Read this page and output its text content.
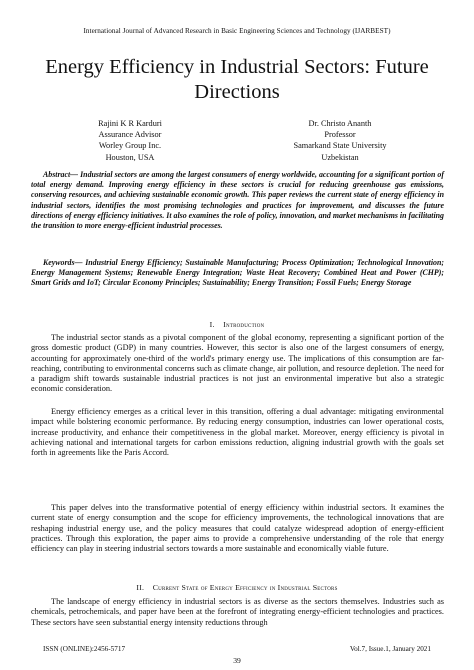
International Journal of Advanced Research in Basic Engineering Sciences and Technology (IJARBEST)
Energy Efficiency in Industrial Sectors: Future Directions
Rajini K R Karduri
Assurance Advisor
Worley Group Inc.
Houston, USA
Dr. Christo Ananth
Professor
Samarkand State University
Uzbekistan

Abstract— Industrial sectors are among the largest consumers of energy worldwide, accounting for a significant portion of total energy demand. Improving energy efficiency in these sectors is crucial for reducing greenhouse gas emissions, conserving resources, and achieving sustainable economic growth. This paper reviews the current state of energy efficiency in industrial sectors, identifies the most promising technologies and practices for improvement, and discusses the future directions of energy efficiency initiatives. It also examines the role of policy, innovation, and market mechanisms in facilitating the transition to more energy-efficient industrial processes.

Keywords— Industrial Energy Efficiency; Sustainable Manufacturing; Process Optimization; Technological Innovation; Energy Management Systems; Renewable Energy Integration; Waste Heat Recovery; Combined Heat and Power (CHP); Smart Grids and IoT; Circular Economy Principles; Sustainability; Energy Transition; Fossil Fuels; Energy Storage

I.    Introduction

The industrial sector stands as a pivotal component of the global economy, representing a significant portion of the gross domestic product (GDP) in many countries. However, this sector is also one of the largest consumers of energy, accounting for approximately one-third of the world's primary energy use. The implications of this consumption are far-reaching, contributing to environmental concerns such as climate change, air pollution, and resource depletion. The need for a paradigm shift towards sustainable industrial practices is not just an environmental imperative but also a strategic economic consideration.

Energy efficiency emerges as a critical lever in this transition, offering a dual advantage: mitigating environmental impact while bolstering economic performance. By reducing energy consumption, industries can lower operational costs, increase productivity, and enhance their competitiveness in the global market. Moreover, energy efficiency is pivotal in achieving national and international targets for carbon emissions reduction, aligning industrial growth with the goals set forth in agreements like the Paris Accord.

This paper delves into the transformative potential of energy efficiency within industrial sectors. It examines the current state of energy consumption and the scope for efficiency improvements, the technological innovations that are reshaping industrial energy use, and the policy measures that could catalyze widespread adoption of energy-efficient practices. Through this exploration, the paper aims to provide a comprehensive understanding of the role that energy efficiency can play in steering industrial sectors towards a more sustainable and economically viable future.

II.    Current State of Energy Efficiency in Industrial Sectors

The landscape of energy efficiency in industrial sectors is as diverse as the sectors themselves. Industries such as chemicals, petrochemicals, and paper have been at the forefront of integrating energy-efficient technologies and practices. These sectors have seen substantial energy intensity reductions through

ISSN (ONLINE):2456-5717	Vol.7, Issue.1, January 2021
39
